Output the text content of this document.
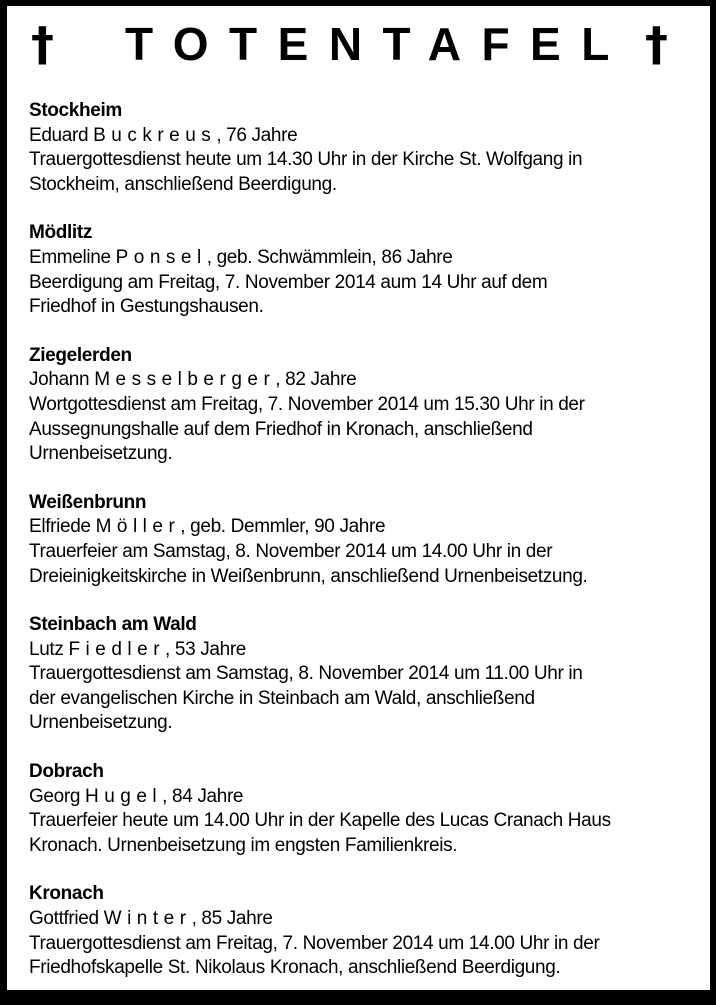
† TOTENTAFEL †
Stockheim
Eduard Buckreus, 76 Jahre
Trauergottesdienst heute um 14.30 Uhr in der Kirche St. Wolfgang in
Stockheim, anschließend Beerdigung.
Mödlitz
Emmeline Ponsel, geb. Schwämmlein, 86 Jahre
Beerdigung am Freitag, 7. November 2014 aum 14 Uhr auf dem
Friedhof in Gestungshausen.
Ziegelerden
Johann Messelberger, 82 Jahre
Wortgottesdienst am Freitag, 7. November 2014 um 15.30 Uhr in der
Aussegnungshalle auf dem Friedhof in Kronach, anschließend
Urnenbeisetzung.
Weißenbrunn
Elfriede Möller, geb. Demmler, 90 Jahre
Trauerfeier am Samstag, 8. November 2014 um 14.00 Uhr in der
Dreieinigkeitskirche in Weißenbrunn, anschließend Urnenbeisetzung.
Steinbach am Wald
Lutz Fiedler, 53 Jahre
Trauergottesdienst am Samstag, 8. November 2014 um 11.00 Uhr in
der evangelischen Kirche in Steinbach am Wald, anschließend
Urnenbeisetzung.
Dobrach
Georg Hugel, 84 Jahre
Trauerfeier heute um 14.00 Uhr in der Kapelle des Lucas Cranach Haus
Kronach. Urnenbeisetzung im engsten Familienkreis.
Kronach
Gottfried Winter, 85 Jahre
Trauergottesdienst am Freitag, 7. November 2014 um 14.00 Uhr in der
Friedhofskapelle St. Nikolaus Kronach, anschließend Beerdigung.
